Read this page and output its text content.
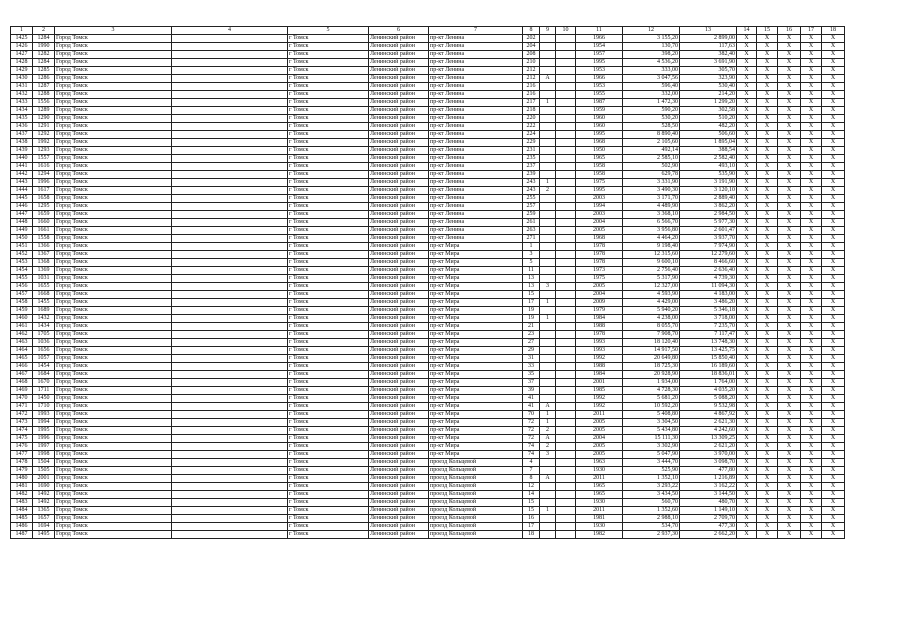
1	2	3	4	5	6	7	8	9	10	11	12	13	14	15	16	17	18
1425	1284	Город Томск		г Томск	Ленинский район	пр-кт Ленина	202			1966	3 155,20	2 899,00	X	X	X	X	X
1426	1990	Город Томск		г Томск	Ленинский район	пр-кт Ленина	204			1954	130,70	117,63	X	X	X	X	X
1427	1282	Город Томск		г Томск	Ленинский район	пр-кт Ленина	208			1957	398,20	382,40	X	X	X	X	X
1428	1284	Город Томск		г Томск	Ленинский район	пр-кт Ленина	210			1995	4 536,20	3 691,90	X	X	X	X	X
1429	1285	Город Томск		г Томск	Ленинский район	пр-кт Ленина	212			1953	333,00	305,70	X	X	X	X	X
1430	1286	Город Томск		г Томск	Ленинский район	пр-кт Ленина	212	А		1966	3 047,56	323,90	X	X	X	X	X
1431	1287	Город Томск		г Томск	Ленинский район	пр-кт Ленина	216			1953	596,40	530,40	X	X	X	X	X
1432	1288	Город Томск		г Томск	Ленинский район	пр-кт Ленина	216			1955	332,00	214,20	X	X	X	X	X
1433	1556	Город Томск		г Томск	Ленинский район	пр-кт Ленина	217	1		1987	1 472,30	1 299,20	X	X	X	X	X
1434	1289	Город Томск		г Томск	Ленинский район	пр-кт Ленина	218			1959	590,20	302,58	X	X	X	X	X
1435	1290	Город Томск		г Томск	Ленинский район	пр-кт Ленина	220			1960	530,20	510,20	X	X	X	X	X
1436	1291	Город Томск		г Томск	Ленинский район	пр-кт Ленина	222			1960	528,50	482,20	X	X	X	X	X
1437	1292	Город Томск		г Томск	Ленинский район	пр-кт Ленина	224			1995	8 890,40	506,60	X	X	X	X	X
1438	1992	Город Томск		г Томск	Ленинский район	пр-кт Ленина	229			1968	2 105,60	1 895,04	X	X	X	X	X
1439	1293	Город Томск		г Томск	Ленинский район	пр-кт Ленина	231			1950	492,14	388,54	X	X	X	X	X
1440	1557	Город Томск		г Томск	Ленинский район	пр-кт Ленина	235			1965	2 585,10	2 582,40	X	X	X	X	X
1441	1616	Город Томск		г Томск	Ленинский район	пр-кт Ленина	237			1958	502,90	493,10	X	X	X	X	X
1442	1294	Город Томск		г Томск	Ленинский район	пр-кт Ленина	239			1958	629,78	535,90	X	X	X	X	X
1443	1996	Город Томск		г Томск	Ленинский район	пр-кт Ленина	243	1		1975	3 331,90	3 191,90	X	X	X	X	X
1444	1617	Город Томск		г Томск	Ленинский район	пр-кт Ленина	243	2		1995	3 490,30	3 120,10	X	X	X	X	X
1445	1658	Город Томск		г Томск	Ленинский район	пр-кт Ленина	255			2003	3 171,70	2 889,40	X	X	X	X	X
1446	1295	Город Томск		г Томск	Ленинский район	пр-кт Ленина	257			1994	4 489,90	3 862,20	X	X	X	X	X
1447	1659	Город Томск		г Томск	Ленинский район	пр-кт Ленина	259			2003	3 368,10	2 984,50	X	X	X	X	X
1448	1660	Город Томск		г Томск	Ленинский район	пр-кт Ленина	261			2004	6 566,70	5 977,30	X	X	X	X	X
1449	1661	Город Томск		г Томск	Ленинский район	пр-кт Ленина	263			2005	3 956,80	2 601,47	X	X	X	X	X
1450	1558	Город Томск		г Томск	Ленинский район	пр-кт Ленина	271			1968	4 464,20	3 937,70	X	X	X	X	X
1451	1366	Город Томск		г Томск	Ленинский район	пр-кт Мира	1			1978	9 198,40	7 974,90	X	X	X	X	X
1452	1367	Город Томск		г Томск	Ленинский район	пр-кт Мира	3			1978	12 315,60	12 279,60	X	X	X	X	X
1453	1368	Город Томск		г Томск	Ленинский район	пр-кт Мира	5			1978	9 600,10	8 466,60	X	X	X	X	X
1454	1369	Город Томск		г Томск	Ленинский район	пр-кт Мира	11			1973	2 756,40	2 636,40	X	X	X	X	X
1455	1031	Город Томск		г Томск	Ленинский район	пр-кт Мира	13			1975	5 317,90	4 739,30	X	X	X	X	X
1456	1655	Город Томск		г Томск	Ленинский район	пр-кт Мира	13	3		2005	12 327,00	11 094,30	X	X	X	X	X
1457	1668	Город Томск		г Томск	Ленинский район	пр-кт Мира	15			2004	4 593,90	4 183,00	X	X	X	X	X
1458	1455	Город Томск		г Томск	Ленинский район	пр-кт Мира	17	1		2009	4 429,00	3 486,20	X	X	X	X	X
1459	1689	Город Томск		г Томск	Ленинский район	пр-кт Мира	19			1979	5 940,20	5 346,18	X	X	X	X	X
1460	1432	Город Томск		г Томск	Ленинский район	пр-кт Мира	19	1		1984	4 238,00	3 718,00	X	X	X	X	X
1461	1434	Город Томск		г Томск	Ленинский район	пр-кт Мира	21			1988	8 055,70	7 235,70	X	X	X	X	X
1462	1705	Город Томск		г Томск	Ленинский район	пр-кт Мира	23			1978	7 908,70	7 117,47	X	X	X	X	X
1463	1036	Город Томск		г Томск	Ленинский район	пр-кт Мира	27			1993	18 120,40	13 748,30	X	X	X	X	X
1464	1656	Город Томск		г Томск	Ленинский район	пр-кт Мира	29			1993	14 917,50	13 425,75	X	X	X	X	X
1465	1057	Город Томск		г Томск	Ленинский район	пр-кт Мира	31			1992	20 649,80	15 850,40	X	X	X	X	X
1466	1454	Город Томск		г Томск	Ленинский район	пр-кт Мира	33			1988	18 725,30	16 189,60	X	X	X	X	X
1467	1684	Город Томск		г Томск	Ленинский район	пр-кт Мира	35			1984	20 928,90	18 836,01	X	X	X	X	X
1468	1670	Город Томск		г Томск	Ленинский район	пр-кт Мира	37			2001	1 934,00	1 764,00	X	X	X	X	X
1469	1711	Город Томск		г Томск	Ленинский район	пр-кт Мира	39			1985	4 728,30	4 035,20	X	X	X	X	X
1470	1450	Город Томск		г Томск	Ленинский район	пр-кт Мира	41			1992	5 681,20	5 088,20	X	X	X	X	X
1471	1710	Город Томск		г Томск	Ленинский район	пр-кт Мира	41	А		1992	10 592,20	9 532,98	X	X	X	X	X
1472	1993	Город Томск		г Томск	Ленинский район	пр-кт Мира	70	1		2011	5 408,80	4 867,92	X	X	X	X	X
1473	1994	Город Томск		г Томск	Ленинский район	пр-кт Мира	72	1		2005	3 304,50	2 621,30	X	X	X	X	X
1474	1995	Город Томск		г Томск	Ленинский район	пр-кт Мира	72	2		2005	5 434,80	4 242,60	X	X	X	X	X
1475	1996	Город Томск		г Томск	Ленинский район	пр-кт Мира	72	А		2004	15 111,30	13 309,25	X	X	X	X	X
1476	1997	Город Томск		г Томск	Ленинский район	пр-кт Мира	74	2		2005	3 302,90	2 621,20	X	X	X	X	X
1477	1998	Город Томск		г Томск	Ленинский район	пр-кт Мира	74	3		2005	5 047,90	3 970,00	X	X	X	X	X
1478	1504	Город Томск		г Томск	Ленинский район	проезд Кольцевой	4			1963	3 444,70	3 098,70	X	X	X	X	X
1479	1505	Город Томск		г Томск	Ленинский район	проезд Кольцевой	7			1930	525,90	477,80	X	X	X	X	X
1480	2001	Город Томск		г Томск	Ленинский район	проезд Кольцевой	8	А		2011	1 352,10	1 216,89	X	X	X	X	X
1481	1690	Город Томск		г Томск	Ленинский район	проезд Кольцевой	12			1965	3 293,22	3 162,22	X	X	X	X	X
1482	1492	Город Томск		г Томск	Ленинский район	проезд Кольцевой	14			1965	3 434,50	3 144,50	X	X	X	X	X
1483	1492	Город Томск		г Томск	Ленинский район	проезд Кольцевой	15			1930	560,70	480,70	X	X	X	X	X
1484	1365	Город Томск		г Томск	Ленинский район	проезд Кольцевой	15	1		2011	1 352,60	1 149,10	X	X	X	X	X
1485	1657	Город Томск		г Томск	Ленинский район	проезд Кольцевой	16			1981	2 988,10	2 709,70	X	X	X	X	X
1486	1694	Город Томск		г Томск	Ленинский район	проезд Кольцевой	17			1930	534,70	477,30	X	X	X	X	X
1487	1495	Город Томск		г Томск	Ленинский район	проезд Кольцевой	18			1982	2 937,30	2 662,20	X	X	X	X	X
